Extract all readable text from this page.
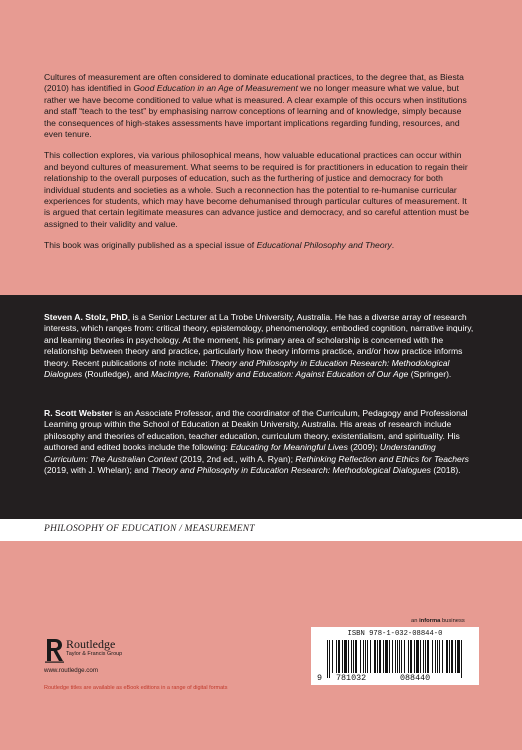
Cultures of measurement are often considered to dominate educational practices, to the degree that, as Biesta (2010) has identified in Good Education in an Age of Measurement we no longer measure what we value, but rather we have become conditioned to value what is measured. A clear example of this occurs when institutions and staff “teach to the test” by emphasising narrow conceptions of learning and of knowledge, simply because the consequences of high-stakes assessments have important implications regarding funding, resources, and even tenure.

This collection explores, via various philosophical means, how valuable educational practices can occur within and beyond cultures of measurement. What seems to be required is for practitioners in education to regain their relationship to the overall purposes of education, such as the furthering of justice and democracy for both individual students and societies as a whole. Such a reconnection has the potential to re-humanise curricular experiences for students, which may have become dehumanised through particular cultures of measurement. It is argued that certain legitimate measures can advance justice and democracy, and so careful attention must be assigned to their validity and value.

This book was originally published as a special issue of Educational Philosophy and Theory.

Steven A. Stolz, PhD, is a Senior Lecturer at La Trobe University, Australia. He has a diverse array of research interests, which ranges from: critical theory, epistemology, phenomenology, embodied cognition, narrative inquiry, and learning theories in psychology. At the moment, his primary area of scholarship is concerned with the relationship between theory and practice, particularly how theory informs practice, and/or how practice informs theory. Recent publications of note include: Theory and Philosophy in Education Research: Methodological Dialogues (Routledge), and MacIntyre, Rationality and Education: Against Education of Our Age (Springer).
R. Scott Webster is an Associate Professor, and the coordinator of the Curriculum, Pedagogy and Professional Learning group within the School of Education at Deakin University, Australia. His areas of research include philosophy and theories of education, teacher education, curriculum theory, existentialism, and spirituality. His authored and edited books include the following: Educating for Meaningful Lives (2009); Understanding Curriculum: The Australian Context (2019, 2nd ed., with A. Ryan); Rethinking Reflection and Ethics for Teachers (2019, with J. Whelan); and Theory and Philosophy in Education Research: Methodological Dialogues (2018).
PHILOSOPHY OF EDUCATION / MEASUREMENT
an informa business
Routledge
Taylor & Francis Group
www.routledge.com
Routledge titles are available as eBook editions in a range of digital formats
ISBN 978-1-032-08844-0
9 781032	088440
